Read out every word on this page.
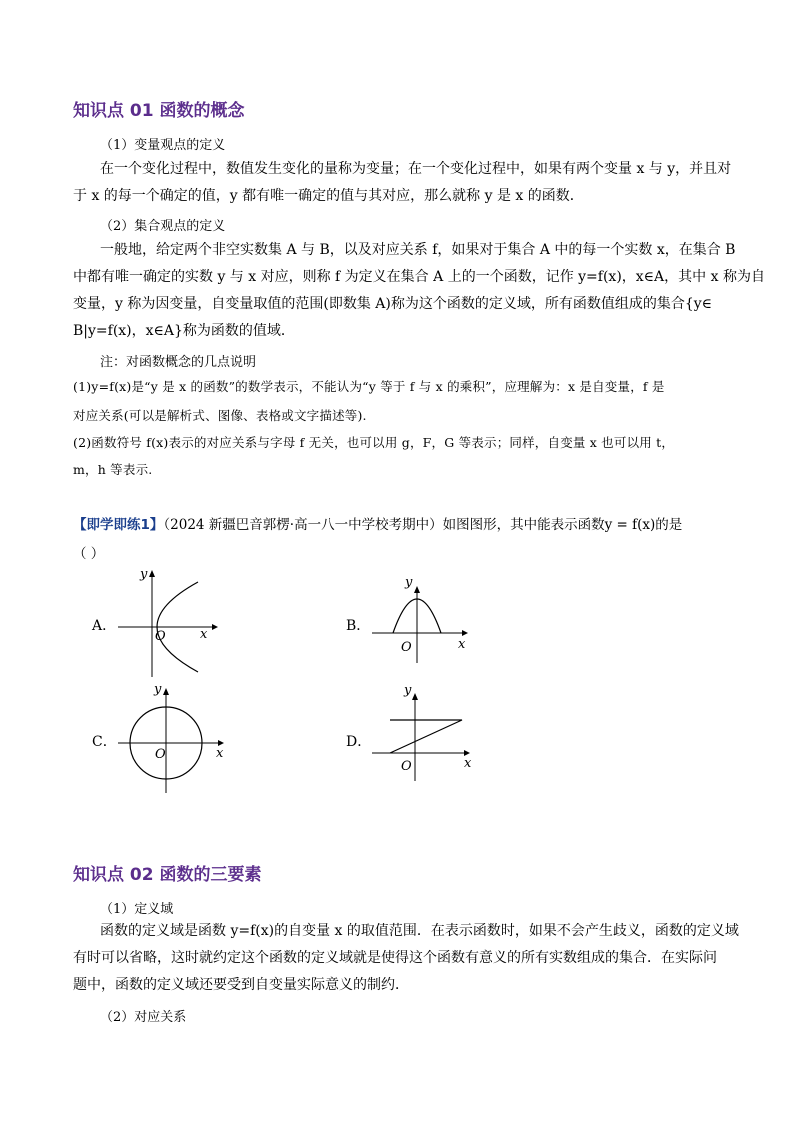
知识点 01 函数的概念
（1）变量观点的定义
在一个变化过程中，数值发生变化的量称为变量；在一个变化过程中，如果有两个变量 x 与 y，并且对
于 x 的每一个确定的值，y 都有唯一确定的值与其对应，那么就称 y 是 x 的函数．
（2）集合观点的定义
一般地，给定两个非空实数集 A 与 B，以及对应关系 f，如果对于集合 A 中的每一个实数 x，在集合 B
中都有唯一确定的实数 y 与 x 对应，则称 f 为定义在集合 A 上的一个函数，记作 y=f(x)，x∈A，其中 x 称为自
变量，y 称为因变量，自变量取值的范围(即数集 A)称为这个函数的定义域，所有函数值组成的集合{y∈
B|y=f(x)，x∈A}称为函数的值域．
注：对函数概念的几点说明
(1)y=f(x)是“y 是 x 的函数”的数学表示，不能认为“y 等于 f 与 x 的乘积”，应理解为：x 是自变量，f 是
对应关系(可以是解析式、图像、表格或文字描述等).
(2)函数符号 f(x)表示的对应关系与字母 f 无关，也可以用 g，F，G 等表示；同样，自变量 x 也可以用 t，
m，h 等表示.
【即学即练1】（2024 新疆巴音郭楞·高一八一中学校考期中）如图图形，其中能表示函数y = f(x)的是
（ ）
A．
y
x
O
B．
y
x
O
C．
y
x
O
D．
y
x
O
知识点 02 函数的三要素
（1）定义域
函数的定义域是函数 y=f(x)的自变量 x 的取值范围．在表示函数时，如果不会产生歧义，函数的定义域
有时可以省略，这时就约定这个函数的定义域就是使得这个函数有意义的所有实数组成的集合．在实际问
题中，函数的定义域还要受到自变量实际意义的制约．
（2）对应关系
